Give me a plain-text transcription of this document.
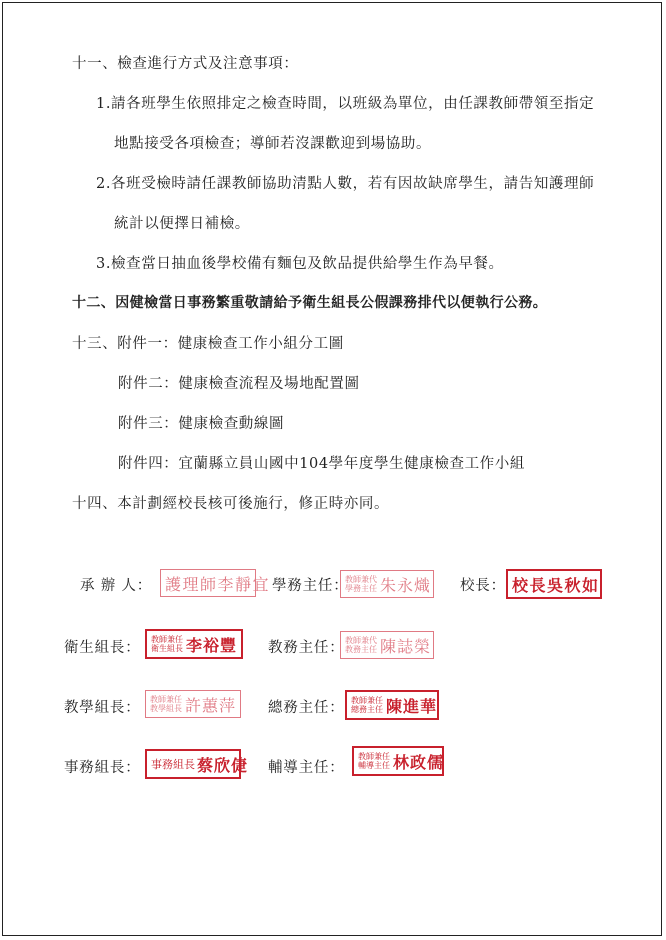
十一、檢查進行方式及注意事項：
1.請各班學生依照排定之檢查時間，以班級為單位，由任課教師帶領至指定
地點接受各項檢查；導師若沒課歡迎到場協助。
2.各班受檢時請任課教師協助清點人數，若有因故缺席學生，請告知護理師
統計以便擇日補檢。
3.檢查當日抽血後學校備有麵包及飲品提供給學生作為早餐。
十二、因健檢當日事務繁重敬請給予衛生組長公假課務排代以便執行公務。
十三、附件一：健康檢查工作小組分工圖
附件二：健康檢查流程及場地配置圖
附件三：健康檢查動線圖
附件四：宜蘭縣立員山國中104學年度學生健康檢查工作小組
十四、本計劃經校長核可後施行，修正時亦同。
承 辦 人： 護理師李靜宜 學務主任：
教師兼代
學務主任 朱永熾 校長： 校長吳秋如
衛生組長：
教師兼任
衛生組長 李裕豐 教務主任： 教師兼代
教務主任 陳誌榮
教學組長：
教師兼任
教學組長 許蕙萍 總務主任： 教師兼任
總務主任 陳進華
事務組長： 事務組長 蔡欣倢 輔導主任：
教師兼任
輔導主任 林政儒
